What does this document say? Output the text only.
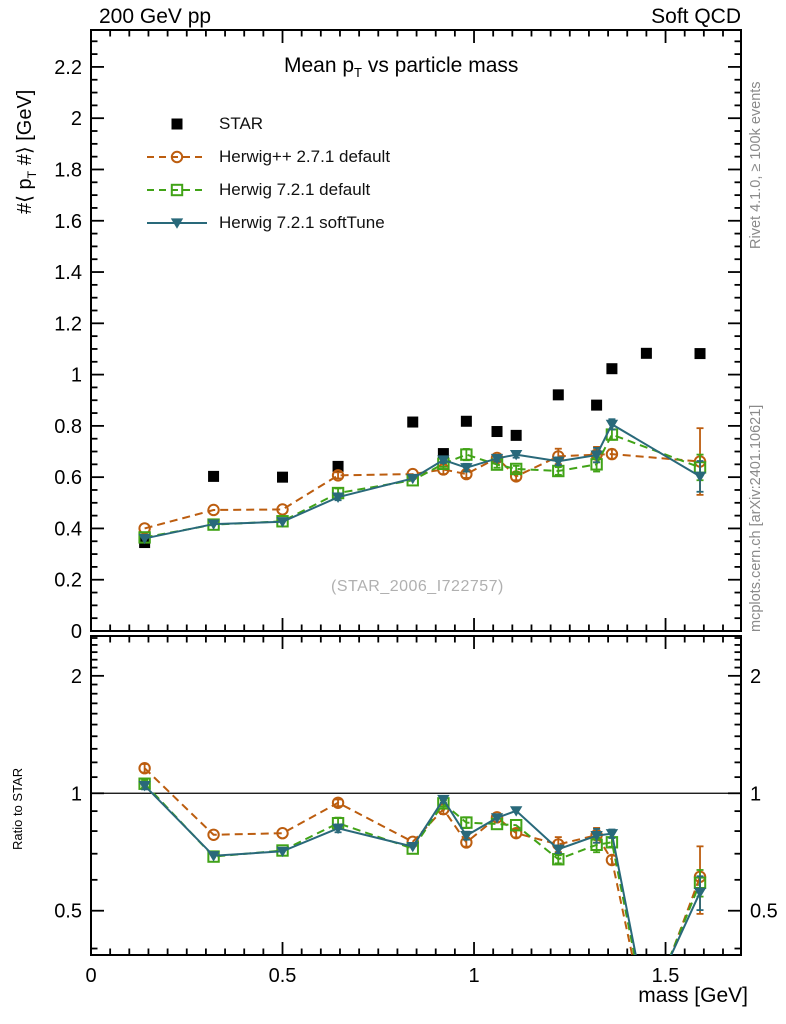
0
0.2
0.4
0.6
0.8
1
1.2
1.4
1.6
1.8
2
2.2
0.5	0.5
1	1
2	2
0	0.5	1	1.5
200 GeV pp	Soft QCD
Mean $p_T$ vs particle mass
#⟨ $p_T$ #⟩ [GeV]
Ratio to STAR
Rivet 4.1.0, ≥ 100k events
mcplots.cern.ch [arXiv:2401.10621]
(STAR_2006_I722757)
mass [GeV]
STAR
Herwig++ 2.7.1 default
Herwig 7.2.1 default
Herwig 7.2.1 softTune
